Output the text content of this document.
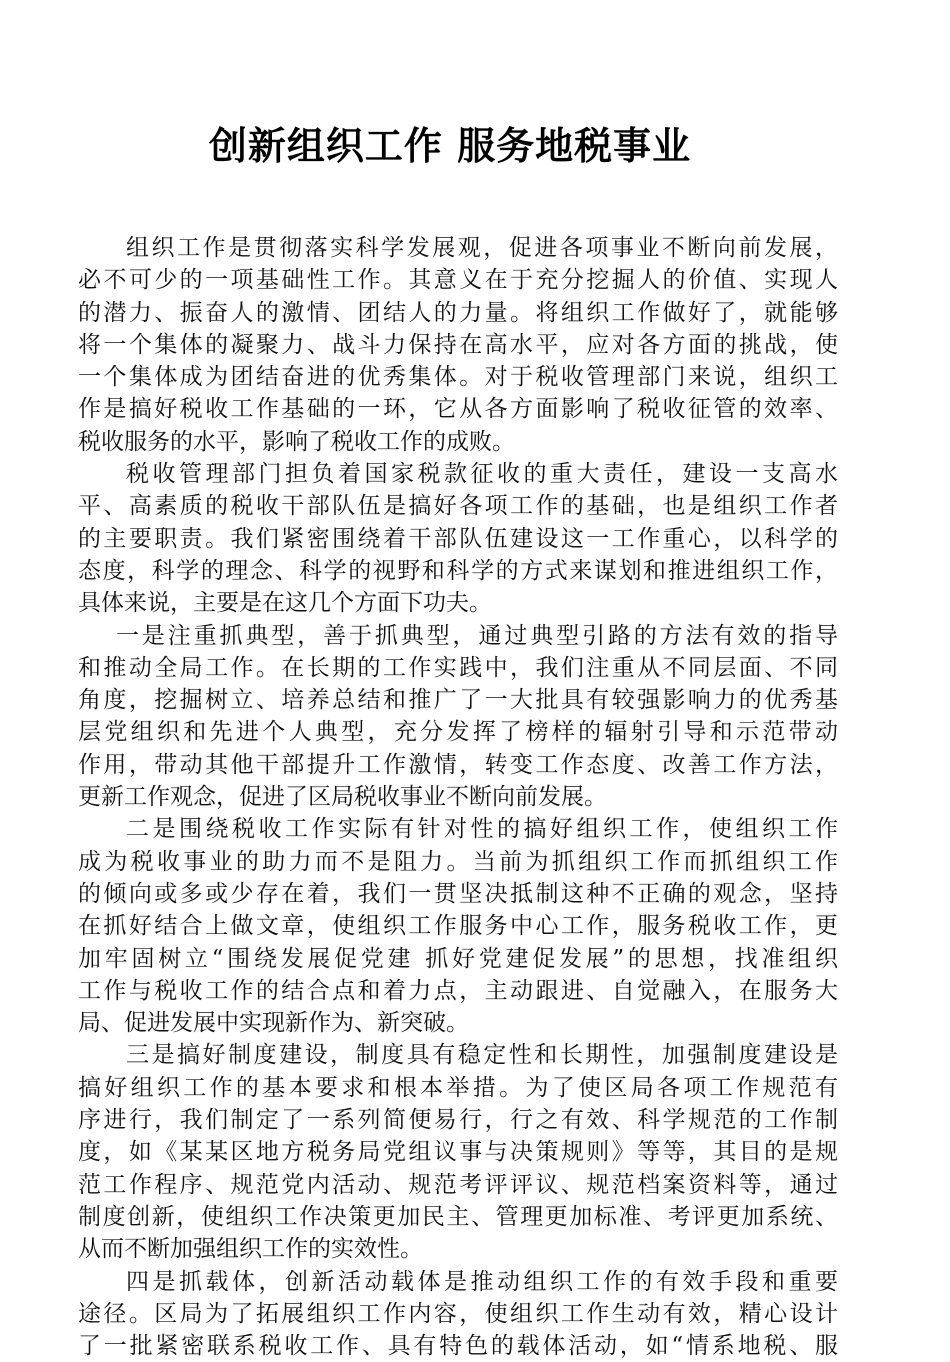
创新组织工作 服务地税事业
组织工作是贯彻落实科学发展观，促进各项事业不断向前发展，
必不可少的一项基础性工作。其意义在于充分挖掘人的价值、实现人
的潜力、振奋人的激情、团结人的力量。将组织工作做好了，就能够
将一个集体的凝聚力、战斗力保持在高水平，应对各方面的挑战，使
一个集体成为团结奋进的优秀集体。对于税收管理部门来说，组织工
作是搞好税收工作基础的一环，它从各方面影响了税收征管的效率、
税收服务的水平，影响了税收工作的成败。
税收管理部门担负着国家税款征收的重大责任，建设一支高水
平、高素质的税收干部队伍是搞好各项工作的基础，也是组织工作者
的主要职责。我们紧密围绕着干部队伍建设这一工作重心，以科学的
态度，科学的理念、科学的视野和科学的方式来谋划和推进组织工作，
具体来说，主要是在这几个方面下功夫。
一是注重抓典型，善于抓典型，通过典型引路的方法有效的指导
和推动全局工作。在长期的工作实践中，我们注重从不同层面、不同
角度，挖掘树立、培养总结和推广了一大批具有较强影响力的优秀基
层党组织和先进个人典型，充分发挥了榜样的辐射引导和示范带动
作用，带动其他干部提升工作激情，转变工作态度、改善工作方法，
更新工作观念，促进了区局税收事业不断向前发展。
二是围绕税收工作实际有针对性的搞好组织工作，使组织工作
成为税收事业的助力而不是阻力。当前为抓组织工作而抓组织工作
的倾向或多或少存在着，我们一贯坚决抵制这种不正确的观念，坚持
在抓好结合上做文章，使组织工作服务中心工作，服务税收工作，更
加牢固树立“围绕发展促党建 抓好党建促发展”的思想，找准组织
工作与税收工作的结合点和着力点，主动跟进、自觉融入，在服务大
局、促进发展中实现新作为、新突破。
三是搞好制度建设，制度具有稳定性和长期性，加强制度建设是
搞好组织工作的基本要求和根本举措。为了使区局各项工作规范有
序进行，我们制定了一系列简便易行，行之有效、科学规范的工作制
度，如《某某区地方税务局党组议事与决策规则》等等，其目的是规
范工作程序、规范党内活动、规范考评评议、规范档案资料等，通过
制度创新，使组织工作决策更加民主、管理更加标准、考评更加系统、
从而不断加强组织工作的实效性。
四是抓载体，创新活动载体是推动组织工作的有效手段和重要
途径。区局为了拓展组织工作内容，使组织工作生动有效，精心设计
了一批紧密联系税收工作、具有特色的载体活动，如“情系地税、服
